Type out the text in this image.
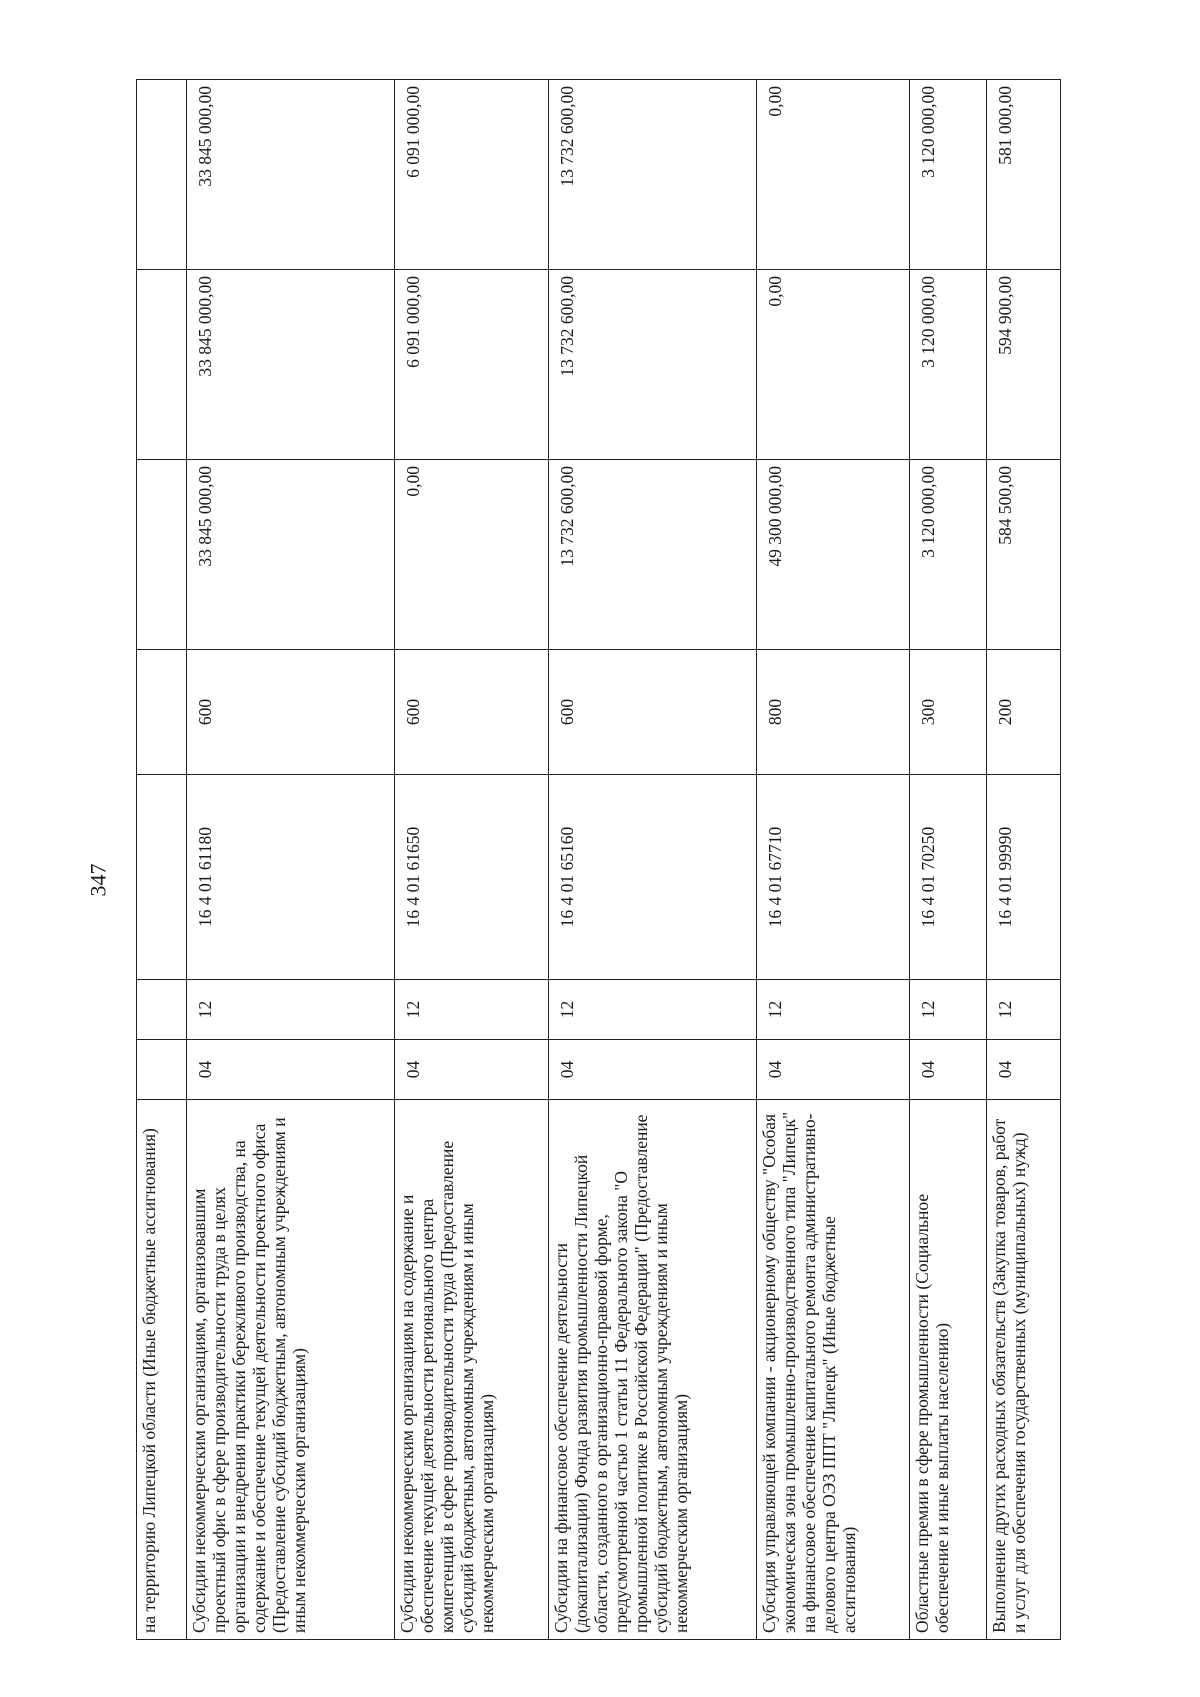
347
на территорию Липецкой области (Иные бюджетные ассигнования)							
Субсидии некоммерческим организациям, организовавшим проектный офис в сфере производительности труда в целях организации и внедрения практики бережливого производства, на содержание и обеспечение текущей деятельности проектного офиса (Предоставление субсидий бюджетным, автономным учреждениям и иным некоммерческим организациям)	04	12	16 4 01 61180	600	33 845 000,00	33 845 000,00	33 845 000,00
Субсидии некоммерческим организациям на содержание и обеспечение текущей деятельности регионального центра компетенций в сфере производительности труда (Предоставление субсидий бюджетным, автономным учреждениям и иным некоммерческим организациям)	04	12	16 4 01 61650	600	0,00	6 091 000,00	6 091 000,00
Субсидии на финансовое обеспечение деятельности (докапитализации) Фонда развития промышленности Липецкой области, созданного в организационно-правовой форме, предусмотренной частью 1 статьи 11 Федерального закона "О промышленной политике в Российской Федерации" (Предоставление субсидий бюджетным, автономным учреждениям и иным некоммерческим организациям)	04	12	16 4 01 65160	600	13 732 600,00	13 732 600,00	13 732 600,00
Субсидия управляющей компании - акционерному обществу "Особая экономическая зона промышленно-производственного типа "Липецк" на финансовое обеспечение капитального ремонта административно-делового центра ОЭЗ ППТ "Липецк" (Иные бюджетные ассигнования)	04	12	16 4 01 67710	800	49 300 000,00	0,00	0,00
Областные премии в сфере промышленности (Социальное обеспечение и иные выплаты населению)	04	12	16 4 01 70250	300	3 120 000,00	3 120 000,00	3 120 000,00
Выполнение других расходных обязательств (Закупка товаров, работ и услуг для обеспечения государственных (муниципальных) нужд)	04	12	16 4 01 99990	200	584 500,00	594 900,00	581 000,00
